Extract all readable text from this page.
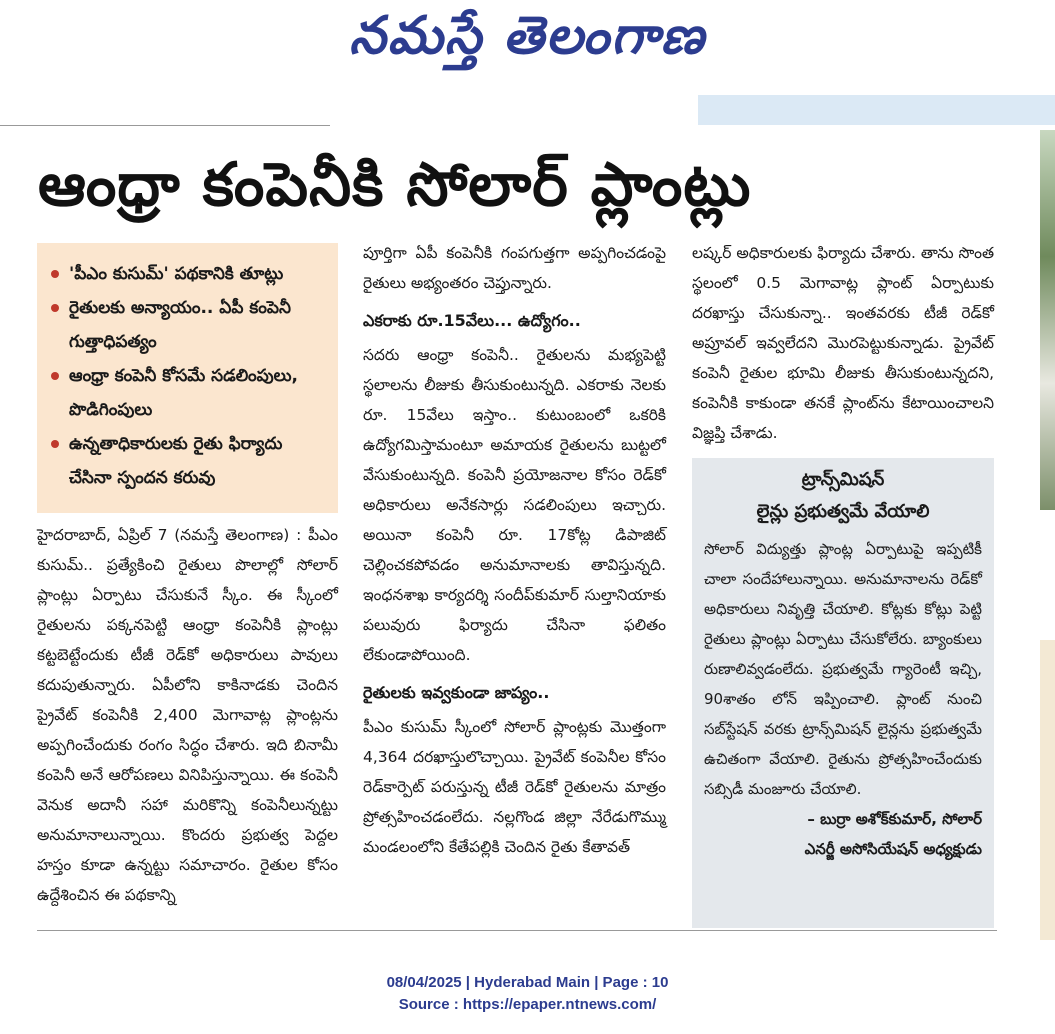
నమస్తే తెలంగాణ
ఆంధ్రా కంపెనీకి సోలార్ ప్లాంట్లు
'పీఎం కుసుమ్' పథకానికి తూట్లు
రైతులకు అన్యాయం.. ఏపీ కంపెనీ గుత్తాధిపత్యం
ఆంధ్రా కంపెనీ కోసమే సడలింపులు, పొడిగింపులు
ఉన్నతాధికారులకు రైతు ఫిర్యాదు చేసినా స్పందన కరువు

హైదరాబాద్, ఏప్రిల్ 7 (నమస్తే తెలంగాణ) : పీఎం కుసుమ్.. ప్రత్యేకించి రైతులు పొలాల్లో సోలార్ ప్లాంట్లు ఏర్పాటు చేసుకునే స్కీం. ఈ స్కీంలో రైతులను పక్కనపెట్టి ఆంధ్రా కంపెనీకి ప్లాంట్లు కట్టబెట్టేందుకు టీజీ రెడ్‌కో అధికారులు పావులు కదుపుతున్నారు. ఏపీలోని కాకినాడకు చెందిన ప్రైవేట్ కంపెనీకి 2,400 మెగావాట్ల ప్లాంట్లను అప్పగించేందుకు రంగం సిద్ధం చేశారు. ఇది బినామీ కంపెనీ అనే ఆరోపణలు వినిపిస్తున్నాయి. ఈ కంపెనీ వెనుక అదానీ సహా మరికొన్ని కంపెనీలున్నట్టు అనుమానాలున్నాయి. కొందరు ప్రభుత్వ పెద్దల హస్తం కూడా ఉన్నట్టు సమాచారం. రైతుల కోసం ఉద్దేశించిన ఈ పథకాన్ని

పూర్తిగా ఏపీ కంపెనీకి గంపగుత్తగా అప్పగించడంపై రైతులు అభ్యంతరం చెప్తున్నారు.

ఎకరాకు రూ.15వేలు... ఉద్యోగం..

సదరు ఆంధ్రా కంపెనీ.. రైతులను మభ్యపెట్టి స్థలాలను లీజుకు తీసుకుంటున్నది. ఎకరాకు నెలకు రూ. 15వేలు ఇస్తాం.. కుటుంబంలో ఒకరికి ఉద్యోగమిస్తామంటూ అమాయక రైతులను బుట్టలో వేసుకుంటున్నది. కంపెనీ ప్రయోజనాల కోసం రెడ్‌కో అధికారులు అనేకసార్లు సడలింపులు ఇచ్చారు. అయినా కంపెనీ రూ. 17కోట్ల డిపాజిట్ చెల్లించకపోవడం అనుమానాలకు తావిస్తున్నది. ఇంధనశాఖ కార్యదర్శి సందీప్‌కుమార్ సుల్తానియాకు పలువురు ఫిర్యాదు చేసినా ఫలితం లేకుండాపోయింది.

రైతులకు ఇవ్వకుండా జాప్యం..

పీఎం కుసుమ్ స్కీంలో సోలార్ ప్లాంట్లకు మొత్తంగా 4,364 దరఖాస్తులొచ్చాయి. ప్రైవేట్ కంపెనీల కోసం రెడ్‌కార్పెట్ పరుస్తున్న టీజీ రెడ్‌కో రైతులను మాత్రం ప్రోత్సహించడంలేదు. నల్లగొండ జిల్లా నేరేడుగొమ్ము మండలంలోని కేతేపల్లికి చెందిన రైతు కేతావత్

లష్కర్ అధికారులకు ఫిర్యాదు చేశారు. తాను సొంత స్థలంలో 0.5 మెగావాట్ల ప్లాంట్ ఏర్పాటుకు దరఖాస్తు చేసుకున్నా.. ఇంతవరకు టీజీ రెడ్‌కో అప్రూవల్ ఇవ్వలేదని మొరపెట్టుకున్నాడు. ప్రైవేట్ కంపెనీ రైతుల భూమి లీజుకు తీసుకుంటున్నదని, కంపెనీకి కాకుండా తనకే ప్లాంట్‌ను కేటాయించాలని విజ్ఞప్తి చేశాడు.

ట్రాన్స్‌మిషన్
లైన్లు ప్రభుత్వమే వేయాలి
సోలార్ విద్యుత్తు ప్లాంట్ల ఏర్పాటుపై ఇప్పటికీ చాలా సందేహాలున్నాయి. అనుమానాలను రెడ్‌కో అధికారులు నివృత్తి చేయాలి. కోట్లకు కోట్లు పెట్టి రైతులు ప్లాంట్లు ఏర్పాటు చేసుకోలేరు. బ్యాంకులు రుణాలివ్వడంలేదు. ప్రభుత్వమే గ్యారెంటీ ఇచ్చి, 90శాతం లోన్ ఇప్పించాలి. ప్లాంట్ నుంచి సబ్‌స్టేషన్ వరకు ట్రాన్స్‌మిషన్ లైన్లను ప్రభుత్వమే ఉచితంగా వేయాలి. రైతును ప్రోత్సహించేందుకు సబ్సిడీ మంజూరు చేయాలి.
– బుర్రా అశోక్‌కుమార్, సోలార్
ఎనర్జీ అసోసియేషన్ అధ్యక్షుడు
08/04/2025 | Hyderabad Main | Page : 10
Source : https://epaper.ntnews.com/
